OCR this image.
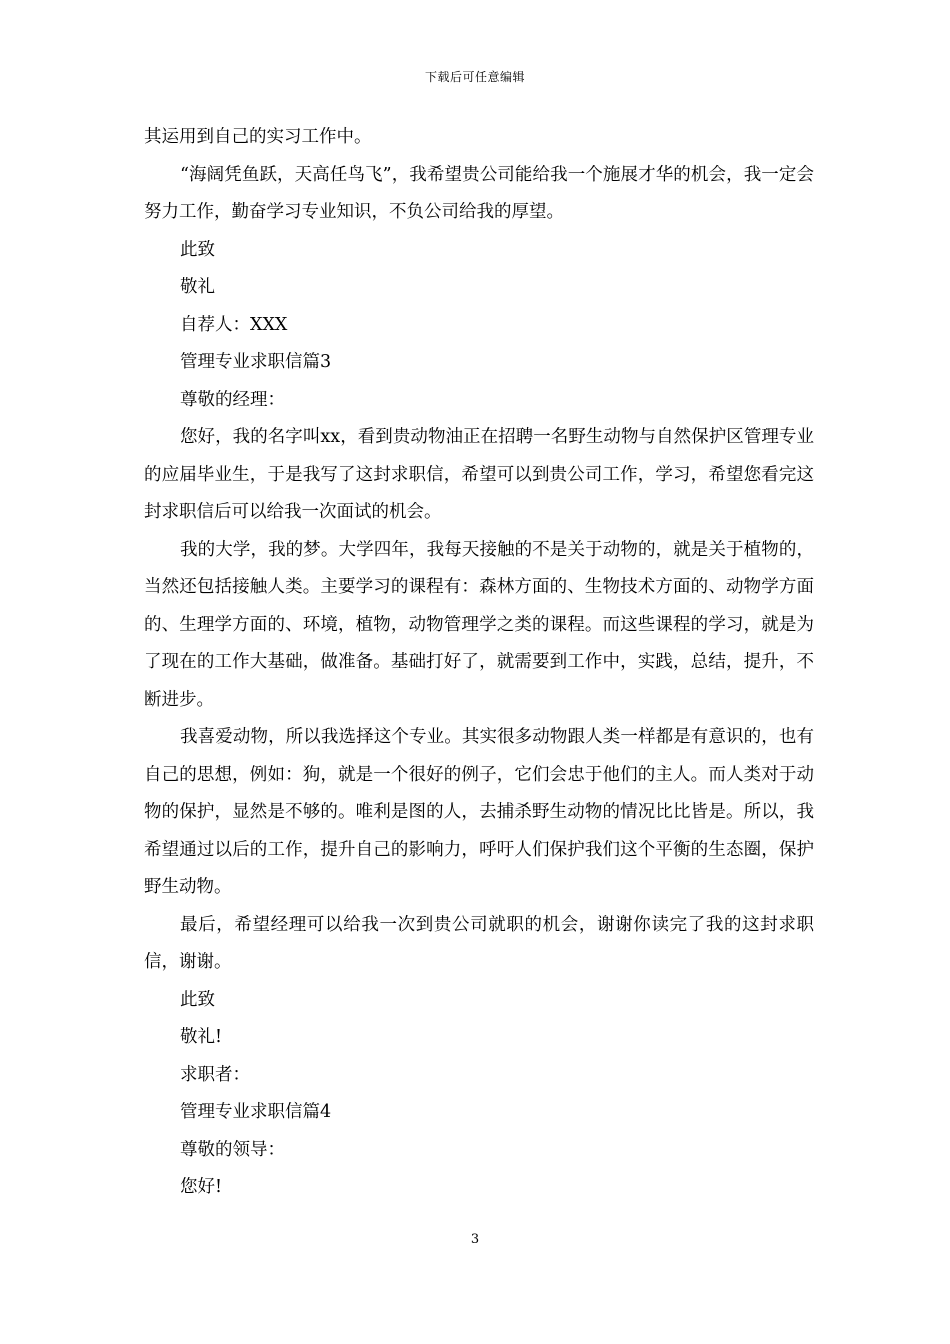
下载后可任意编辑

其运用到自己的实习工作中。

“海阔凭鱼跃，天高任鸟飞”，我希望贵公司能给我一个施展才华的机会，我一定会努力工作，勤奋学习专业知识，不负公司给我的厚望。

此致

敬礼

自荐人：XXX

管理专业求职信篇3

尊敬的经理：

您好，我的名字叫xx，看到贵动物油正在招聘一名野生动物与自然保护区管理专业的应届毕业生，于是我写了这封求职信，希望可以到贵公司工作，学习，希望您看完这封求职信后可以给我一次面试的机会。

我的大学，我的梦。大学四年，我每天接触的不是关于动物的，就是关于植物的，当然还包括接触人类。主要学习的课程有：森林方面的、生物技术方面的、动物学方面的、生理学方面的、环境，植物，动物管理学之类的课程。而这些课程的学习，就是为了现在的工作大基础，做准备。基础打好了，就需要到工作中，实践，总结，提升，不断进步。

我喜爱动物，所以我选择这个专业。其实很多动物跟人类一样都是有意识的，也有自己的思想，例如：狗，就是一个很好的例子，它们会忠于他们的主人。而人类对于动物的保护，显然是不够的。唯利是图的人，去捕杀野生动物的情况比比皆是。所以，我希望通过以后的工作，提升自己的影响力，呼吁人们保护我们这个平衡的生态圈，保护野生动物。

最后，希望经理可以给我一次到贵公司就职的机会，谢谢你读完了我的这封求职信，谢谢。

此致

敬礼!

求职者：

管理专业求职信篇4

尊敬的领导：

您好!

3
